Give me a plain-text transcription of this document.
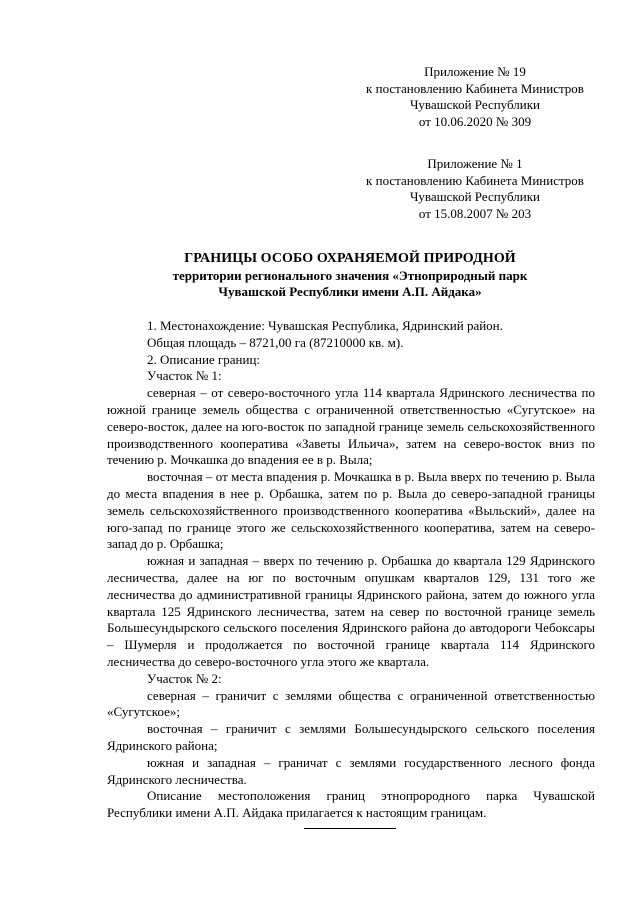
Приложение № 19
к постановлению Кабинета Министров
Чувашской Республики
от 10.06.2020 № 309
Приложение № 1
к постановлению Кабинета Министров
Чувашской Республики
от 15.08.2007 № 203
ГРАНИЦЫ ОСОБО ОХРАНЯЕМОЙ ПРИРОДНОЙ
территории регионального значения «Этноприродный парк
Чувашской Республики имени А.П. Айдака»

1. Местонахождение: Чувашская Республика, Ядринский район.

Общая площадь – 8721,00 га (87210000 кв. м).

2. Описание границ:

Участок № 1:

северная – от северо-восточного угла 114 квартала Ядринского лесничества по южной границе земель общества с ограниченной ответственностью «Сугутское» на северо-восток, далее на юго-восток по западной границе земель сельскохозяйственного производственного кооператива «Заветы Ильича», затем на северо-восток вниз по течению р. Мочкашка до впадения ее в р. Выла;

восточная – от места впадения р. Мочкашка в р. Выла вверх по течению р. Выла до места впадения в нее р. Орбашка, затем по р. Выла до северо-западной границы земель сельскохозяйственного производственного кооператива «Выльский», далее на юго-запад по границе этого же сельскохозяйственного кооператива, затем на северо-запад до р. Орбашка;

южная и западная – вверх по течению р. Орбашка до квартала 129 Ядринского лесничества, далее на юг по восточным опушкам кварталов 129, 131 того же лесничества до административной границы Ядринского района, затем до южного угла квартала 125 Ядринского лесничества, затем на север по восточной границе земель Большесундырского сельского поселения Ядринского района до автодороги Чебоксары – Шумерля и продолжается по восточной границе квартала 114 Ядринского лесничества до северо-восточного угла этого же квартала.

Участок № 2:

северная – граничит с землями общества с ограниченной ответственностью «Сугутское»;

восточная – граничит с землями Большесундырского сельского поселения Ядринского района;

южная и западная – граничат с землями государственного лесного фонда Ядринского лесничества.

Описание местоположения границ этнопрородного парка Чувашской Республики имени А.П. Айдака прилагается к настоящим границам.
